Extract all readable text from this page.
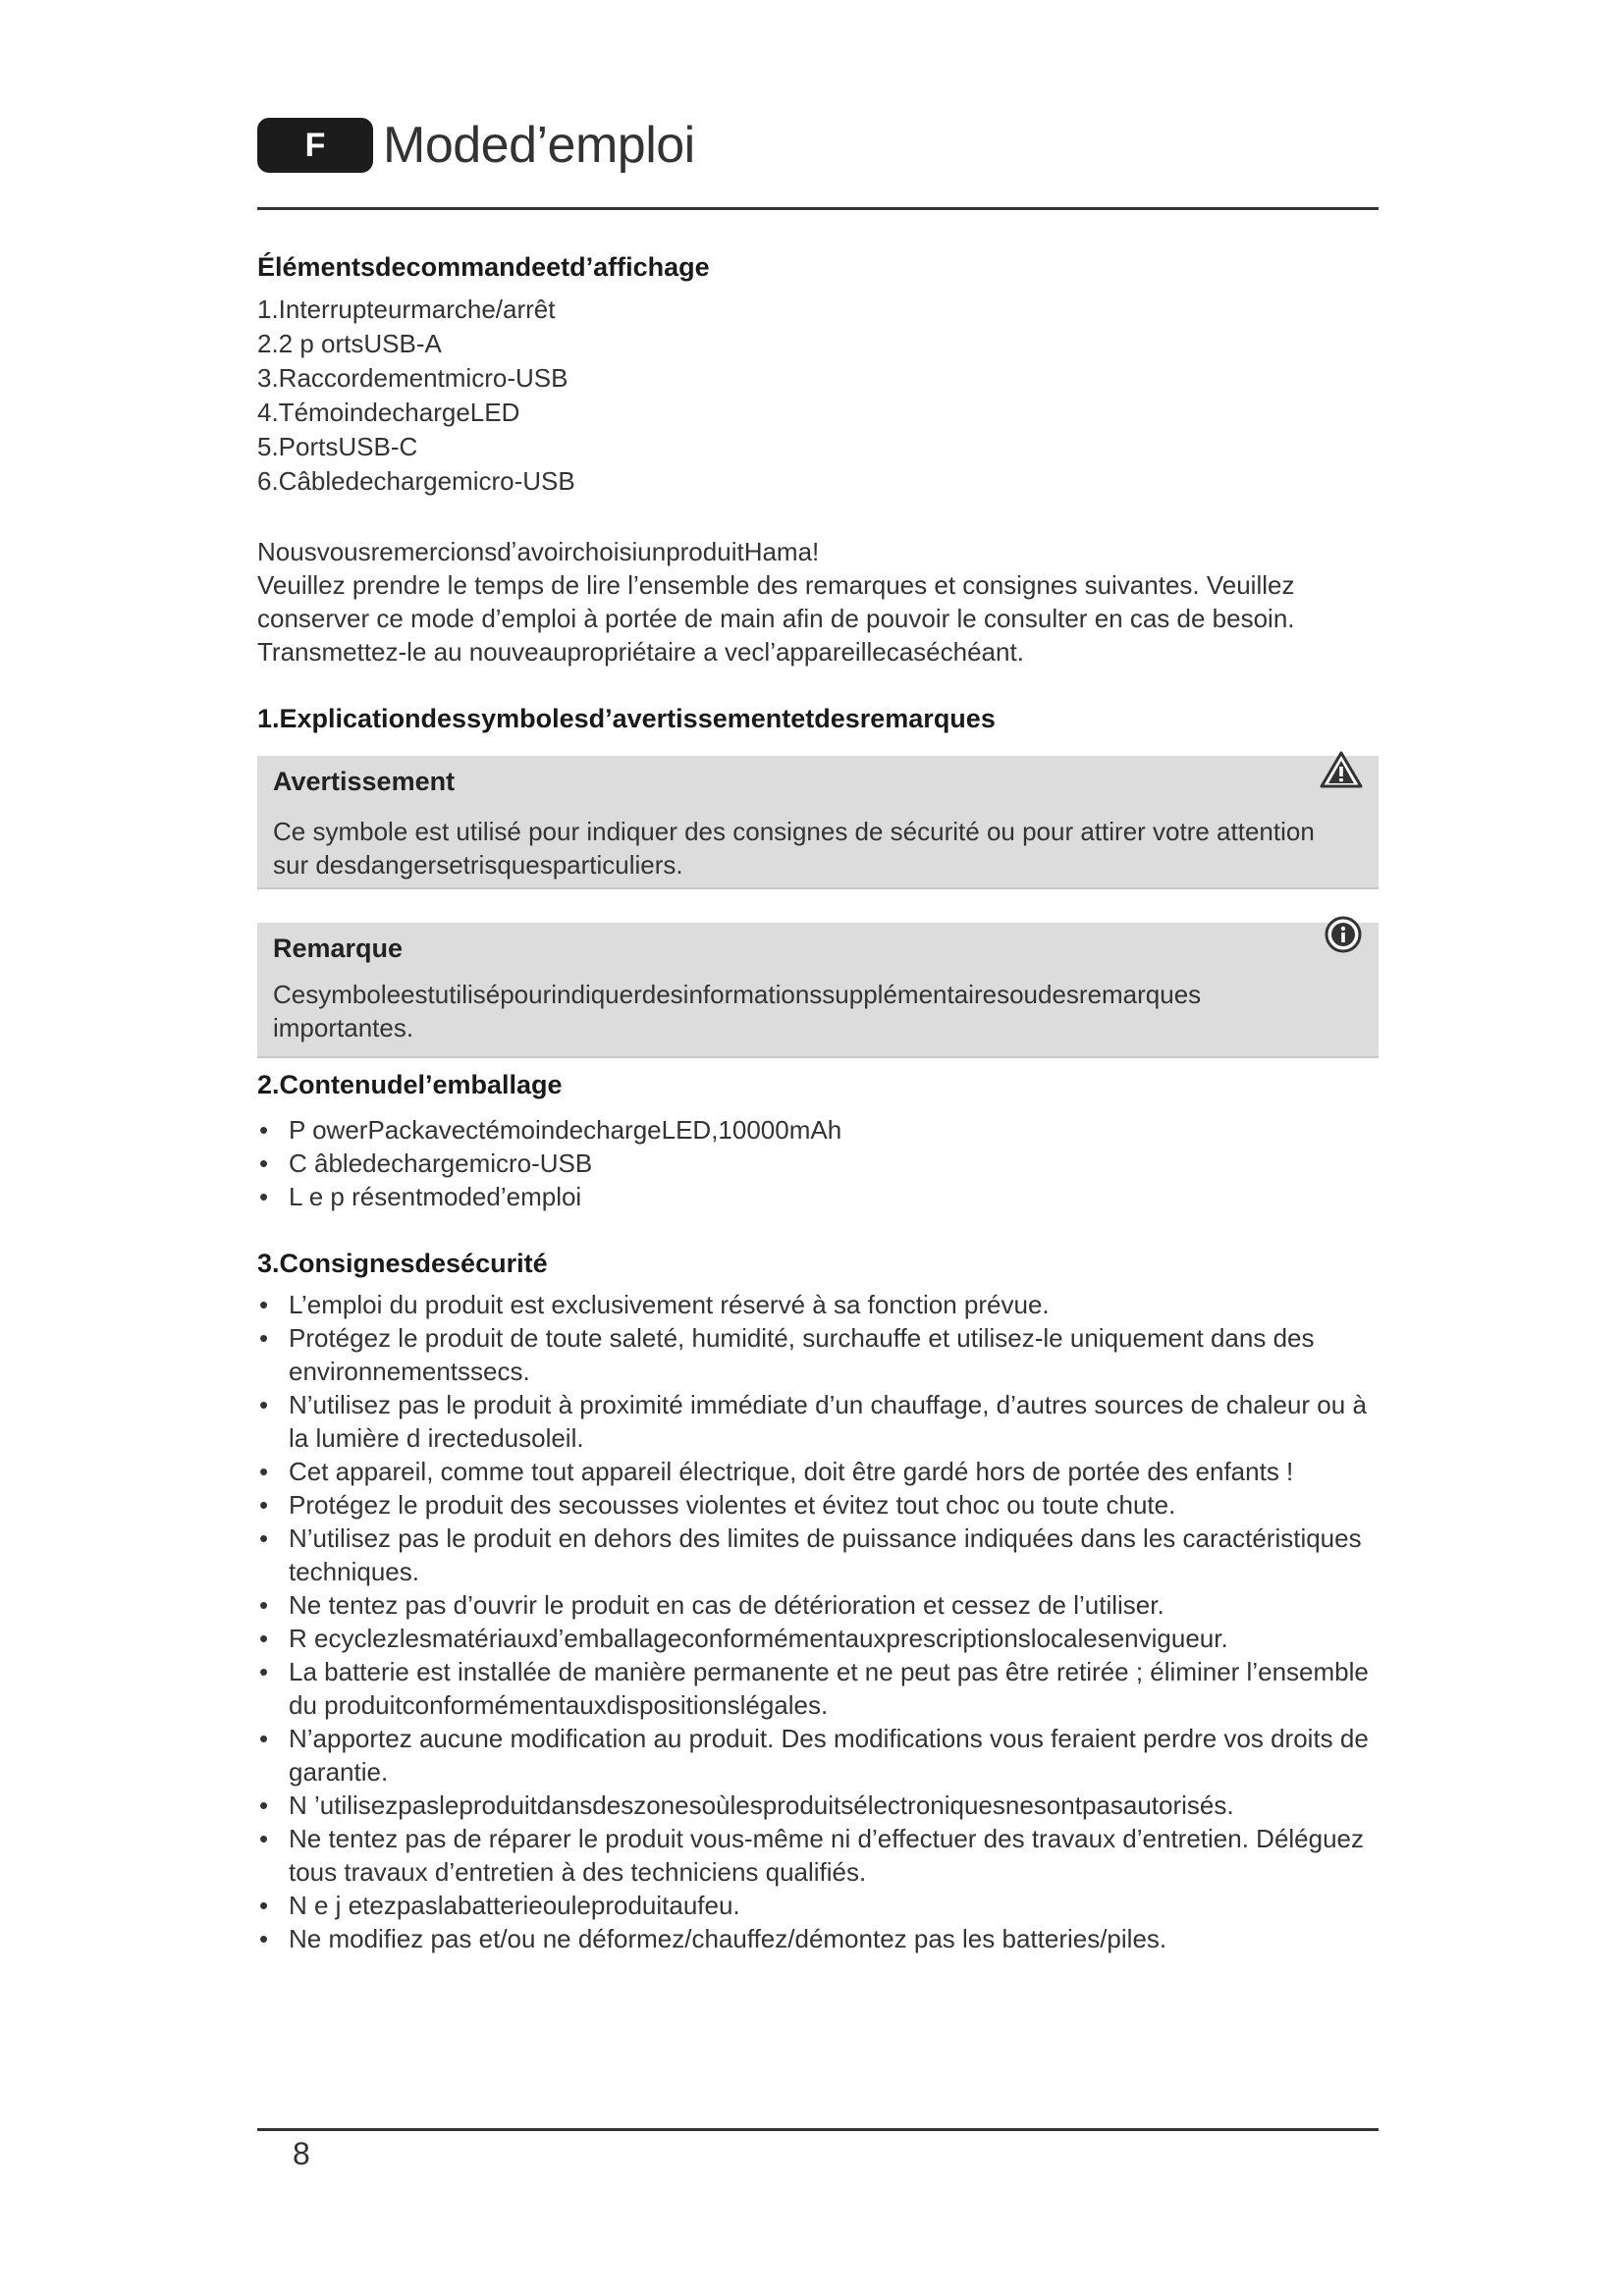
F	Moded’emploi
Élémentsdecommandeetd’affichage
1.Interrupteurmarche/arrêt
2.2 p ortsUSB-A
3.Raccordementmicro-USB
4.TémoindechargeLED
5.PortsUSB-C
6.Câbledechargemicro-USB

NousvousremercionsdʼavoirchoisiunproduitHama!

Veuillez prendre le temps de lire l’ensemble des remarques et consignes suivantes. Veuillez conserver ce mode d’emploi à portée de main afin de pouvoir le consulter en cas de besoin. Transmettez-le au nouveaupropriétaire a vecl’appareillecaséchéant.

1.Explicationdessymbolesd’avertissementetdesremarques
Avertissement
Ce symbole est utilisé pour indiquer des consignes de sécurité ou pour attirer votre attention sur desdangersetrisquesparticuliers.
Remarque
Cesymboleestutilisépourindiquerdesinformationssupplémentairesoudesremarques importantes.
2.Contenudel’emballage
• P owerPackavectémoindechargeLED,10000mAh
• C âbledechargemicro-USB
• L e p résentmoded’emploi
3.Consignesdesécurité
• L’emploi du produit est exclusivement réservé à sa fonction prévue.
• Protégez le produit de toute saleté, humidité, surchauffe et utilisez-le uniquement dans des environnementssecs.
• N’utilisez pas le produit à proximité immédiate d’un chauffage, d’autres sources de chaleur ou à la lumière d irectedusoleil.
• Cet appareil, comme tout appareil électrique, doit être gardé hors de portée des enfants !
• Protégez le produit des secousses violentes et évitez tout choc ou toute chute.
• N’utilisez pas le produit en dehors des limites de puissance indiquées dans les caractéristiques techniques.
• Ne tentez pas d’ouvrir le produit en cas de détérioration et cessez de l’utiliser.
• R ecyclezlesmatériauxd’emballageconformémentauxprescriptionslocalesenvigueur.
• La batterie est installée de manière permanente et ne peut pas être retirée ; éliminer l’ensemble du produitconformémentauxdispositionslégales.
• N’apportez aucune modification au produit. Des modifications vous feraient perdre vos droits de garantie.
• N ’utilisezpasleproduitdansdeszonesoùlesproduitsélectroniquesnesontpasautorisés.
• Ne tentez pas de réparer le produit vous-même ni d’effectuer des travaux d’entretien. Déléguez tous travaux d’entretien à des techniciens qualifiés.
• N e j etezpaslabatterieouleproduitaufeu.
• Ne modifiez pas et/ou ne déformez/chauffez/démontez pas les batteries/piles.
8
